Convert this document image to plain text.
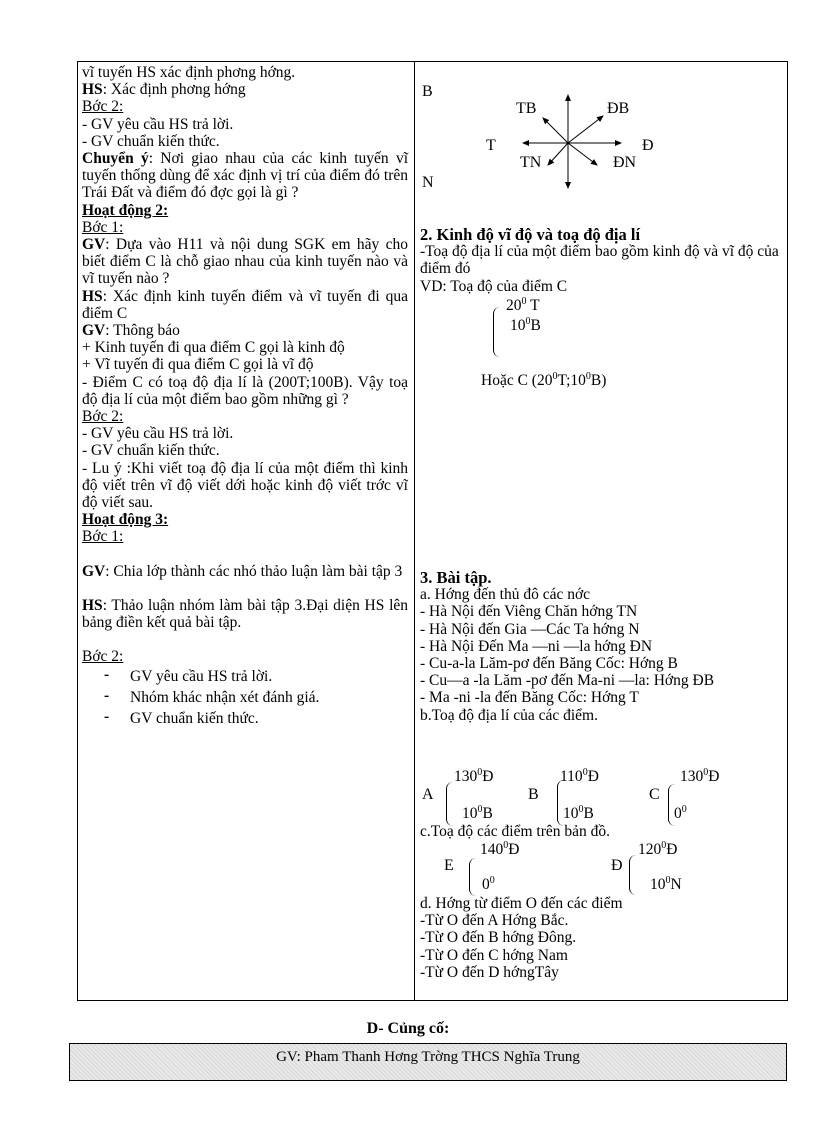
vĩ tuyến HS xác định phơng hớng.

HS: Xác định phơng hớng

Bớc 2:

- GV yêu cầu HS trả lời.

- GV chuẩn kiến thức.

Chuyển ý: Nơi giao nhau của các kinh tuyến vĩ tuyến thống dùng để xác định vị trí của điểm đó trên Trái Đất và điểm đó đợc gọi là gì ?

Hoạt động 2:

Bớc 1:

GV: Dựa vào H11 và nội dung SGK em hãy cho biết điểm C là chỗ giao nhau của kinh tuyến nào và vĩ tuyến nào ?

HS: Xác định kinh tuyến điểm và vĩ tuyến đi qua điểm C

GV: Thông báo

+ Kinh tuyến đi qua điểm C gọi là kinh độ

+ Vĩ tuyến đi qua điểm C gọi là vĩ độ

- Điểm C có toạ độ địa lí là (200T;100B). Vậy toạ độ địa lí của một điểm bao gồm những gì ?

Bớc 2:

- GV yêu cầu HS trả lời.

- GV chuẩn kiến thức.

- Lu ý :Khi viết toạ độ địa lí của một điểm thì kinh độ viết trên vĩ độ viết dới hoặc kinh độ viết trớc vĩ độ viết sau.

Hoạt động 3:

Bớc 1:

GV: Chia lớp thành các nhó thảo luận làm bài tập 3

HS: Thảo luận nhóm làm bài tập 3.Đại diện HS lên bảng điền kết quả bài tập.

Bớc 2:

- GV yêu cầu HS trả lời.

- Nhóm khác nhận xét đánh giá.

- GV chuẩn kiến thức.

B
N
T	Đ
TB	ĐB
TN	ĐN

2. Kinh độ vĩ độ và toạ độ địa lí

-Toạ độ địa lí của một điểm bao gồm kinh độ và vĩ độ của điểm đó

VD: Toạ độ của điểm C

$20^0$ T
$10^0B$
Hoặc C $(20^0T;10^0B)$

3. Bài tập.

a. Hớng đến thủ đô các nớc

- Hà Nội đến Viêng Chăn hớng TN

- Hà Nội đến Gia —Các Ta hớng N

- Hà Nội Đến Ma —ni —la hớng ĐN

- Cu-a-la Lăm-pơ đến Băng Cốc: Hớng B

- Cu—a -la Lăm -pơ đến Ma-ni —la: Hớng ĐB

- Ma -ni -la đến Băng Cốc: Hớng T

b.Toạ độ địa lí của các điểm.

A
$130^0Đ$
$10^0B$
B
$110^0Đ$
$10^0B$
C
$130^0Đ$
$0^0$
c.Toạ độ các điểm trên bản đồ.
E
$140^0Đ$
$0^0$
Đ
$120^0Đ$
$10^0N$

d. Hớng từ điểm O đến các điểm

-Từ O đến A Hớng Bắc.

-Từ O đến B hớng Đông.

-Từ O đến C hớng Nam

-Từ O đến D hớngTây

D- Củng cố:
GV: Pham Thanh Hơng Trờng THCS Nghĩa Trung
